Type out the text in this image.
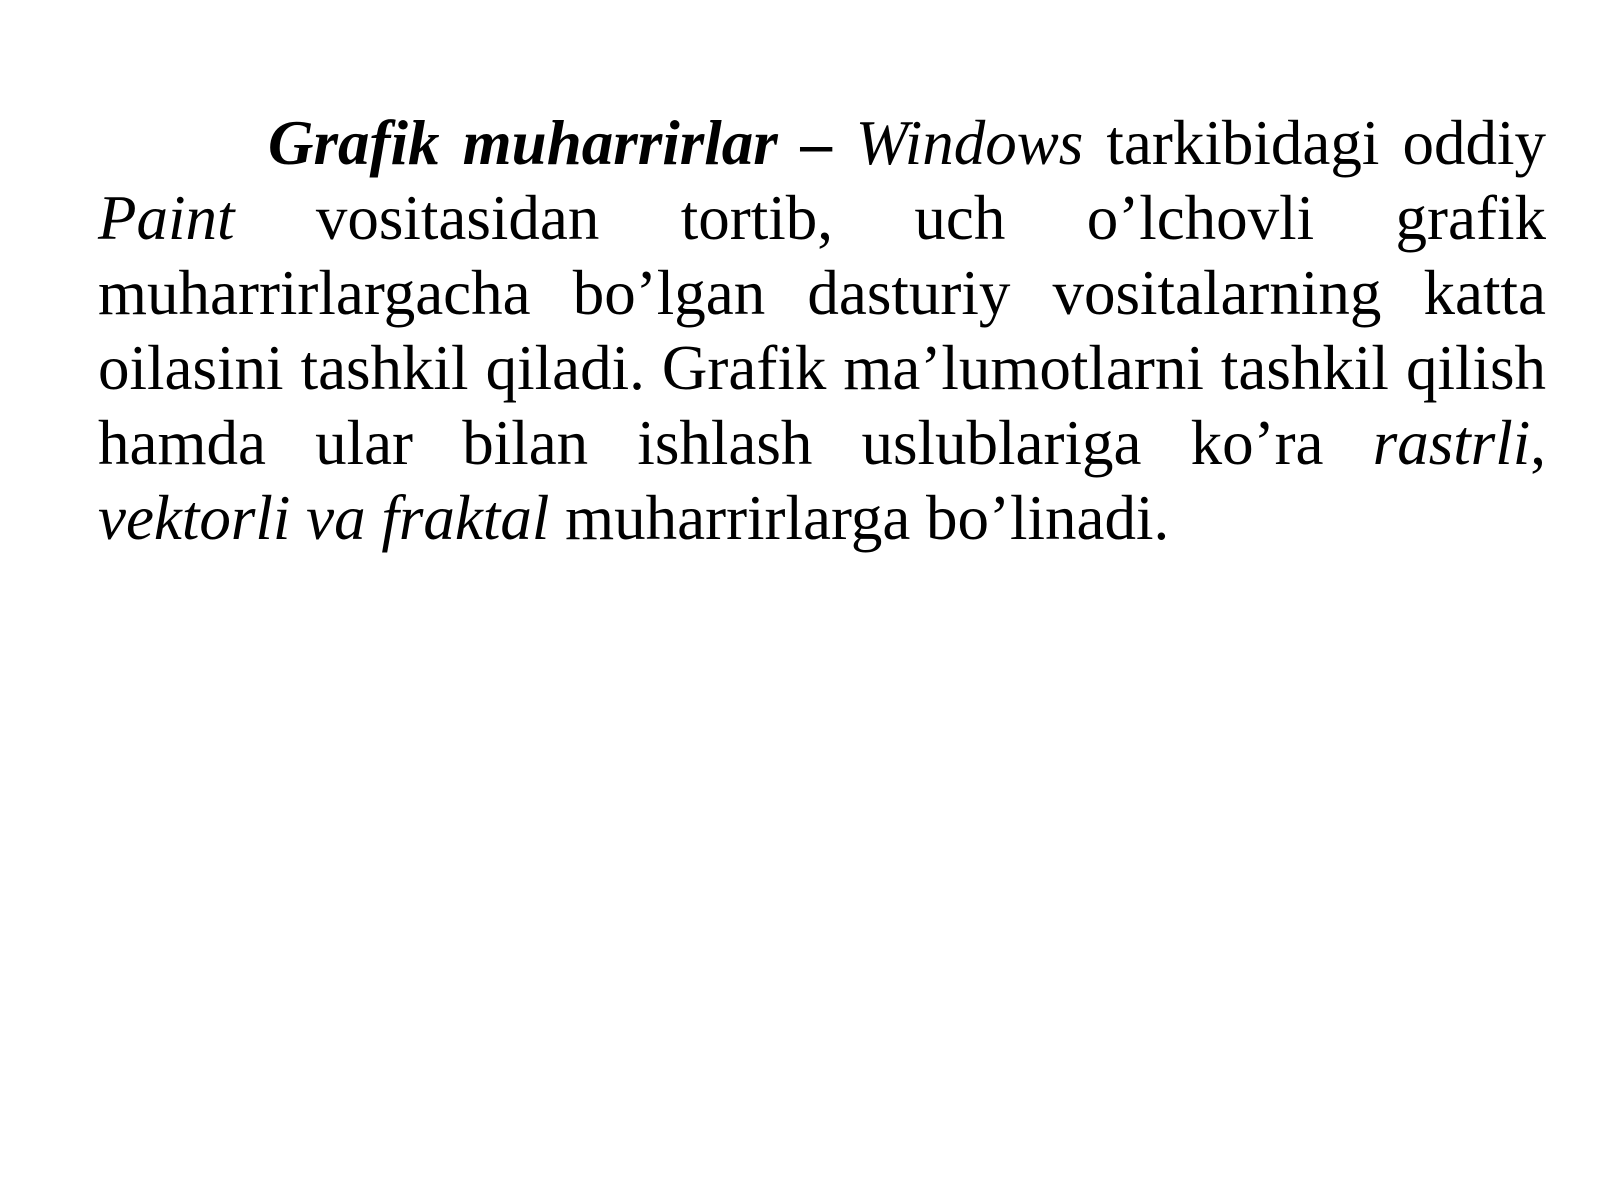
Grafik muharrirlar – Windows tarkibidagi oddiy Paint vositasidan tortib, uch o’lchovli grafik muharrirlargacha bo’lgan dasturiy vositalarning katta oilasini tashkil qiladi. Grafik ma’lumotlarni tashkil qilish hamda ular bilan ishlash uslublariga ko’ra rastrli, vektorli va fraktal muharrirlarga bo’linadi.
